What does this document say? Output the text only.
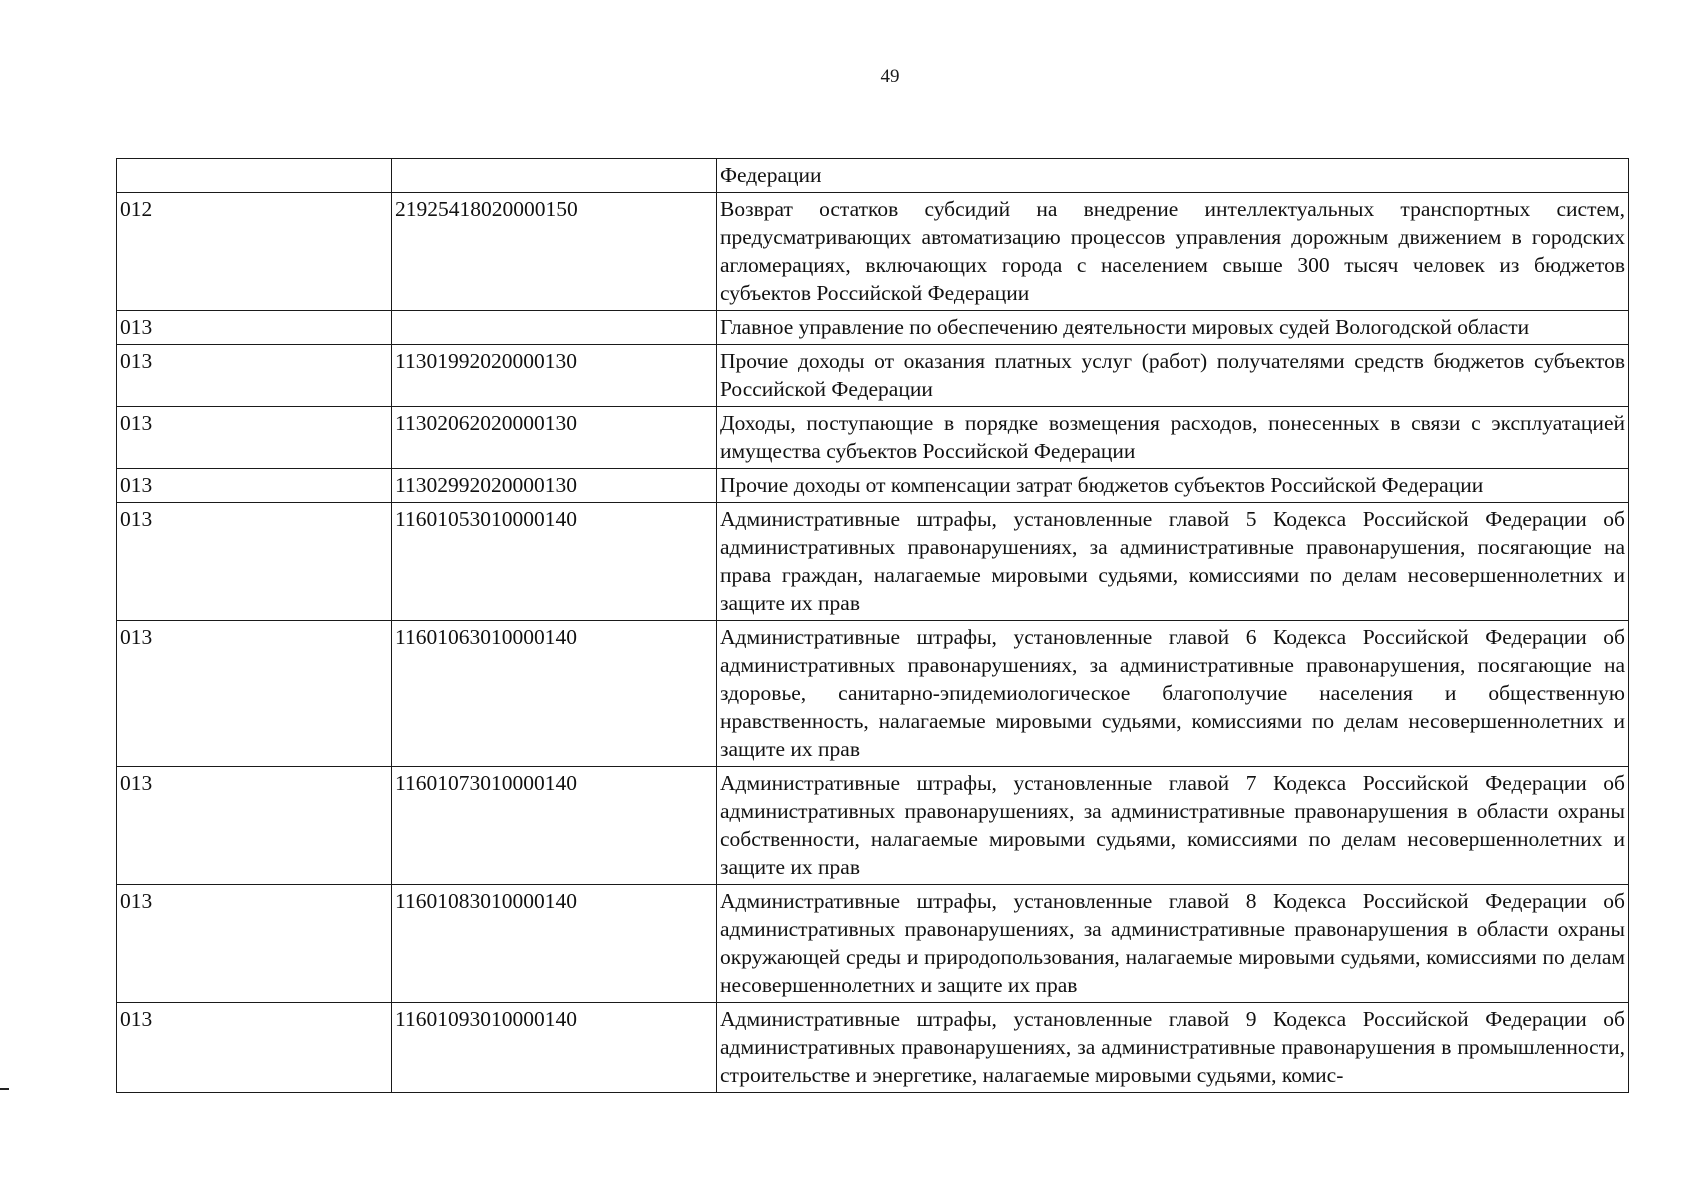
49
		Федерации
012	21925418020000150	Возврат остатков субсидий на внедрение интеллектуальных транспортных систем, предусматривающих автоматизацию процессов управления дорожным движением в городских агломерациях, включающих города с населением свыше 300 тысяч человек из бюджетов субъектов Российской Федерации
013		Главное управление по обеспечению деятельности мировых судей Вологодской области
013	11301992020000130	Прочие доходы от оказания платных услуг (работ) получателями средств бюджетов субъектов Российской Федерации
013	11302062020000130	Доходы, поступающие в порядке возмещения расходов, понесенных в связи с эксплуатацией имущества субъектов Российской Федерации
013	11302992020000130	Прочие доходы от компенсации затрат бюджетов субъектов Российской Федерации
013	11601053010000140	Административные штрафы, установленные главой 5 Кодекса Российской Федерации об административных правонарушениях, за административные правонарушения, посягающие на права граждан, налагаемые мировыми судьями, комиссиями по делам несовершеннолетних и защите их прав
013	11601063010000140	Административные штрафы, установленные главой 6 Кодекса Российской Федерации об административных правонарушениях, за административные правонарушения, посягающие на здоровье, санитарно-эпидемиологическое благополучие населения и общественную нравственность, налагаемые мировыми судьями, комиссиями по делам несовершеннолетних и защите их прав
013	11601073010000140	Административные штрафы, установленные главой 7 Кодекса Российской Федерации об административных правонарушениях, за административные правонарушения в области охраны собственности, налагаемые мировыми судьями, комиссиями по делам несовершеннолетних и защите их прав
013	11601083010000140	Административные штрафы, установленные главой 8 Кодекса Российской Федерации об административных правонарушениях, за административные правонарушения в области охраны окружающей среды и природопользования, налагаемые мировыми судьями, комиссиями по делам несовершеннолетних и защите их прав
013	11601093010000140	Административные штрафы, установленные главой 9 Кодекса Российской Федерации об административных правонарушениях, за административные правонарушения в промышленности, строительстве и энергетике, налагаемые мировыми судьями, комис-
